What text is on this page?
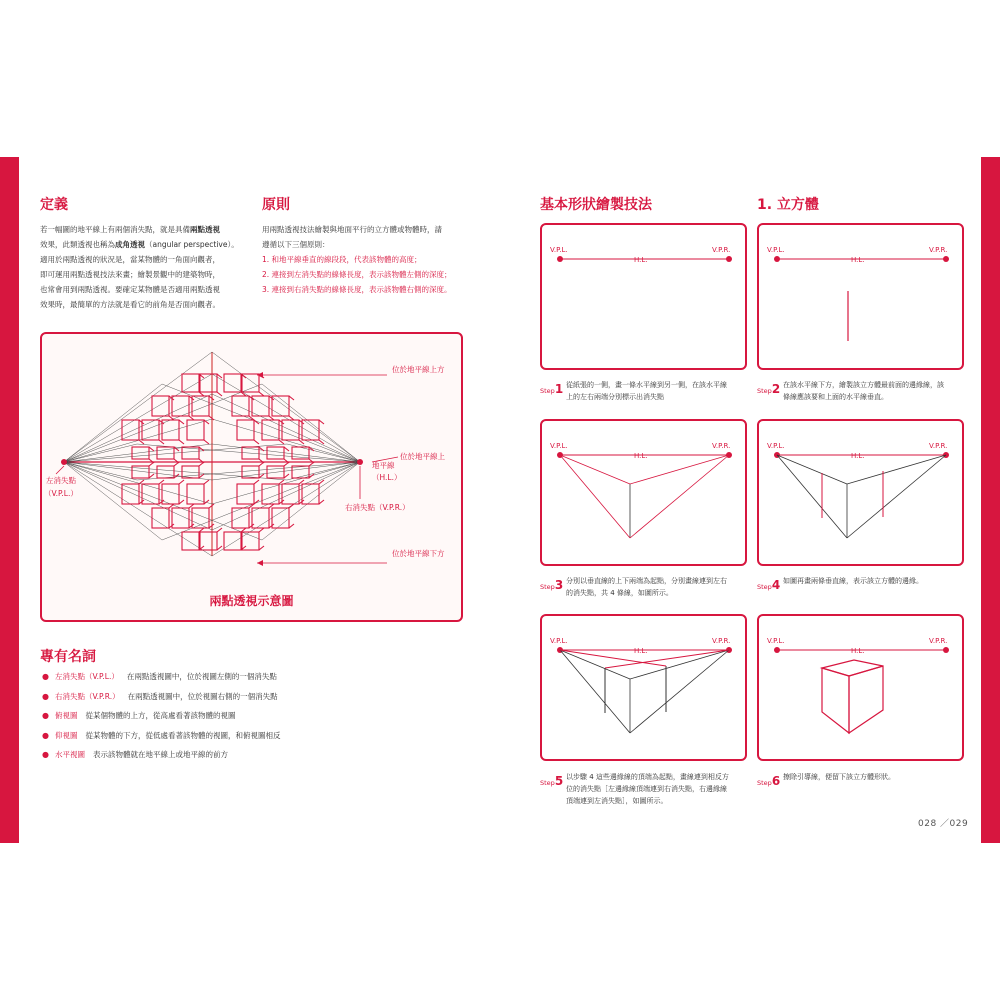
定義
若一幅圖的地平線上有兩個消失點，就是具備兩點透視
效果，此類透視也稱為成角透視（angular perspective）。
適用於兩點透視的狀況是，當某物體的一角面向觀者，
即可運用兩點透視技法來畫；繪製景觀中的建築物時，
也常會用到兩點透視。要確定某物體是否適用兩點透視
效果時，最簡單的方法就是看它的前角是否面向觀者。
原則
用兩點透視技法繪製與地面平行的立方體或物體時，請
遵循以下三個原則：
1. 和地平線垂直的線段段，代表該物體的高度；
2. 連接到左消失點的線條長度，表示該物體左側的深度；
3. 連接到右消失點的線條長度，表示該物體右側的深度。
位於地平線上方
位於地平線上
地平線
（H.L.）
左消失點
（V.P.L.）
右消失點（V.P.R.）
位於地平線下方
兩點透視示意圖
專有名詞
● 左消失點（V.P.L.） 在兩點透視圖中，位於視圖左側的一個消失點
● 右消失點（V.P.R.） 在兩點透視圖中，位於視圖右側的一個消失點
● 俯視圖 從某個物體的上方，從高處看著該物體的視圖
● 仰視圖 從某物體的下方，從低處看著該物體的視圖，和俯視圖相反
● 水平視圖 表示該物體就在地平線上或地平線的前方
基本形狀繪製技法	1. 立方體
V.P.L.	V.P.R.
H.L.
Step1 從紙張的一側，畫一條水平線到另一側，在該水平線
上的左右兩端分別標示出消失點
V.P.L.	V.P.R.
H.L.
Step2 在該水平線下方，繪製該立方體最前面的邊緣線，該
條線應該要和上面的水平線垂直。
V.P.L.	V.P.R.
H.L.
Step3 分別以垂直線的上下兩端為起點，分別畫線連到左右
的消失點，共 4 條線，如圖所示。
V.P.L.	V.P.R.
H.L.
Step4 如圖再畫兩條垂直線，表示該立方體的邊緣。
V.P.L.	V.P.R.
H.L.
Step5 以步驟 4 這些邊緣線的頂端為起點，畫線連到相反方
位的消失點［左邊緣線頂端連到右消失點，右邊緣線
頂端連到左消失點］，如圖所示。
V.P.L.	V.P.R.
H.L.
Step6 擦除引導線，便留下該立方體形狀。
028 ／029
